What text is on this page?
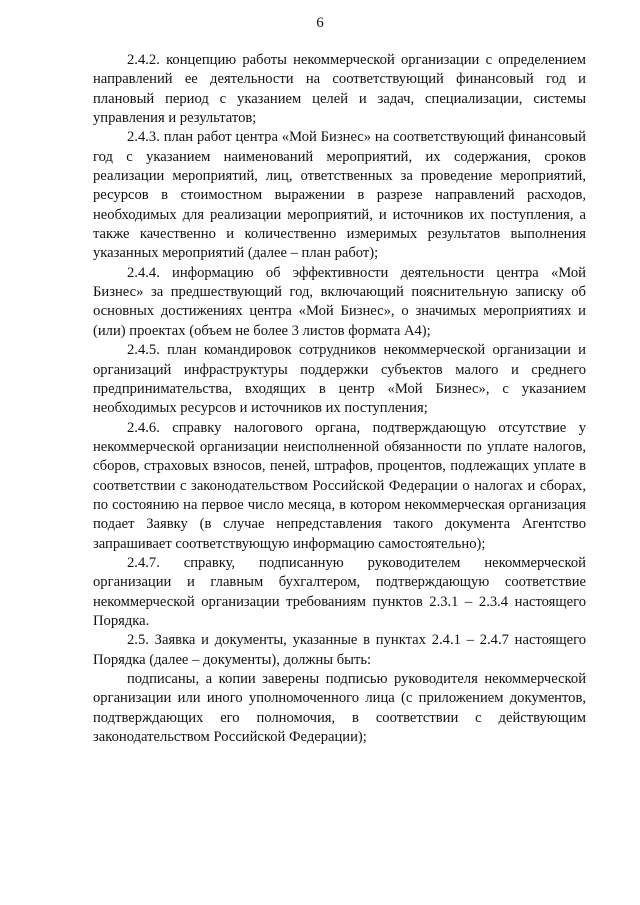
6

2.4.2. концепцию работы некоммерческой организации с определением направлений ее деятельности на соответствующий финансовый год и плановый период с указанием целей и задач, специализации, системы управления и результатов;

2.4.3. план работ центра «Мой Бизнес» на соответствующий финансовый год с указанием наименований мероприятий, их содержания, сроков реализации мероприятий, лиц, ответственных за проведение мероприятий, ресурсов в стоимостном выражении в разрезе направлений расходов, необходимых для реализации мероприятий, и источников их поступления, а также качественно и количественно измеримых результатов выполнения указанных мероприятий (далее – план работ);

2.4.4. информацию об эффективности деятельности центра «Мой Бизнес» за предшествующий год, включающий пояснительную записку об основных достижениях центра «Мой Бизнес», о значимых мероприятиях и (или) проектах (объем не более 3 листов формата А4);

2.4.5. план командировок сотрудников некоммерческой организации и организаций инфраструктуры поддержки субъектов малого и среднего предпринимательства, входящих в центр «Мой Бизнес», с указанием необходимых ресурсов и источников их поступления;

2.4.6. справку налогового органа, подтверждающую отсутствие у некоммерческой организации неисполненной обязанности по уплате налогов, сборов, страховых взносов, пеней, штрафов, процентов, подлежащих уплате в соответствии с законодательством Российской Федерации о налогах и сборах, по состоянию на первое число месяца, в котором некоммерческая организация подает Заявку (в случае непредставления такого документа Агентство запрашивает соответствующую информацию самостоятельно);

2.4.7. справку, подписанную руководителем некоммерческой организации и главным бухгалтером, подтверждающую соответствие некоммерческой организации требованиям пунктов 2.3.1 – 2.3.4 настоящего Порядка.

2.5. Заявка и документы, указанные в пунктах 2.4.1 – 2.4.7 настоящего Порядка (далее – документы), должны быть:

подписаны, а копии заверены подписью руководителя некоммерческой организации или иного уполномоченного лица (с приложением документов, подтверждающих его полномочия, в соответствии с действующим законодательством Российской Федерации);
